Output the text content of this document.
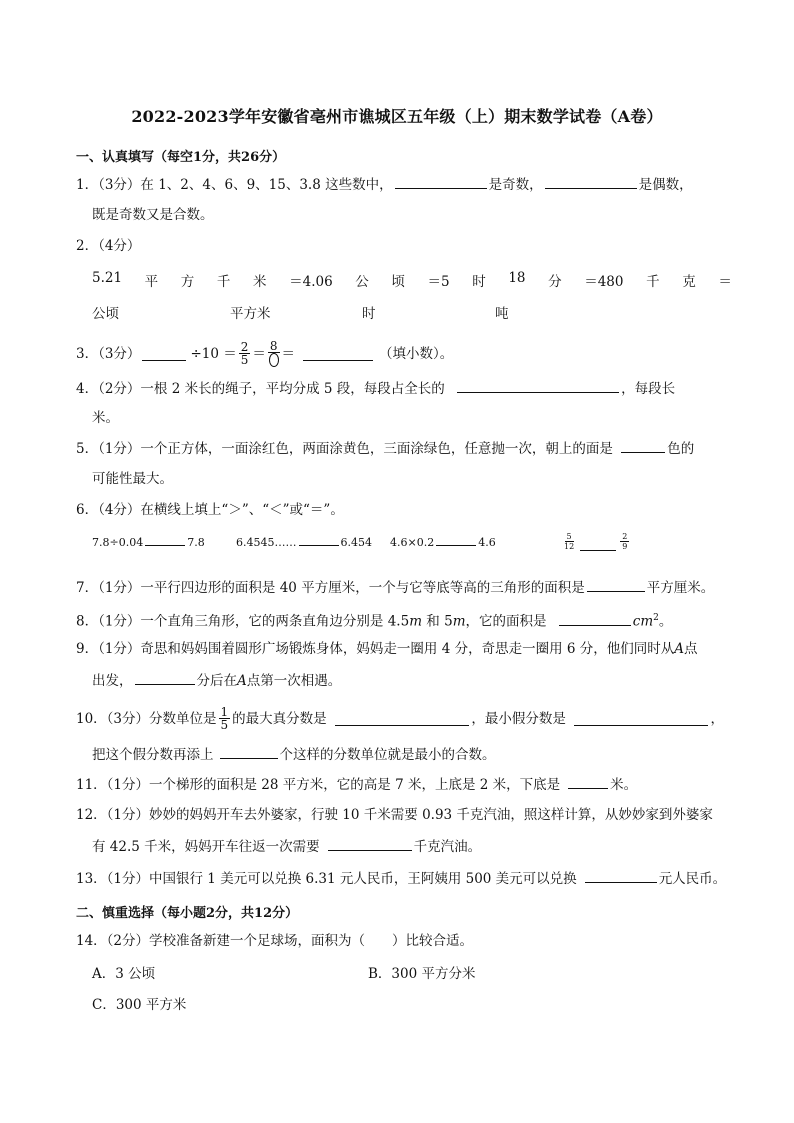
2022-2023学年安徽省亳州市谯城区五年级（上）期末数学试卷（A卷）
一、认真填写（每空1分，共26分）
1．（3分）在 1、2、4、6、9、15、3.8 这些数中，	是奇数，	是偶数，
既是奇数又是合数。
2．（4分）
5.21 平 方 千 米 ＝4.06 公 顷 ＝5 时 18 分 ＝480 千 克 ＝
公顷	平方米	时	吨
3．（3分）	$\div 10 = \frac{2}{5} = 8$ ＝	（填小数）。
4．（2分）一根 2 米长的绳子，平均分成 5 段，每段占全长的	，每段长
米。
5．（1分）一个正方体，一面涂红色，两面涂黄色，三面涂绿色，任意抛一次，朝上的面是	色的
可能性最大。
6．（4分）在横线上填上“＞”、“＜”或“＝”。
7.8÷0.04	7.8	6.4545……	6.454 4.6×0.2	4.6	$\frac{5}{12}$	$\frac{2}{9}$
7．（1分）一平行四边形的面积是 40 平方厘米，一个与它等底等高的三角形的面积是	平方厘米。
8．（1分）一个直角三角形，它的两条直角边分别是 4.5m 和 5m，它的面积是	$cm^2$。
9．（1分）奇思和妈妈围着圆形广场锻炼身体，妈妈走一圈用 4 分，奇思走一圈用 6 分，他们同时从A点
出发，	分后在A点第一次相遇。
10．（3分）分数单位是 $\frac{1}{5}$ 的最大真分数是	，最小假分数是	，
把这个假分数再添上	个这样的分数单位就是最小的合数。
11．（1分）一个梯形的面积是 28 平方米，它的高是 7 米，上底是 2 米，下底是	米。
12．（1分）妙妙的妈妈开车去外婆家，行驶 10 千米需要 0.93 千克汽油，照这样计算，从妙妙家到外婆家
有 42.5 千米，妈妈开车往返一次需要	千克汽油。
13．（1分）中国银行 1 美元可以兑换 6.31 元人民币，王阿姨用 500 美元可以兑换	元人民币。
二、慎重选择（每小题2分，共12分）
14．（2分）学校准备新建一个足球场，面积为（　　）比较合适。
A．3 公顷	B．300 平方分米
C．300 平方米
